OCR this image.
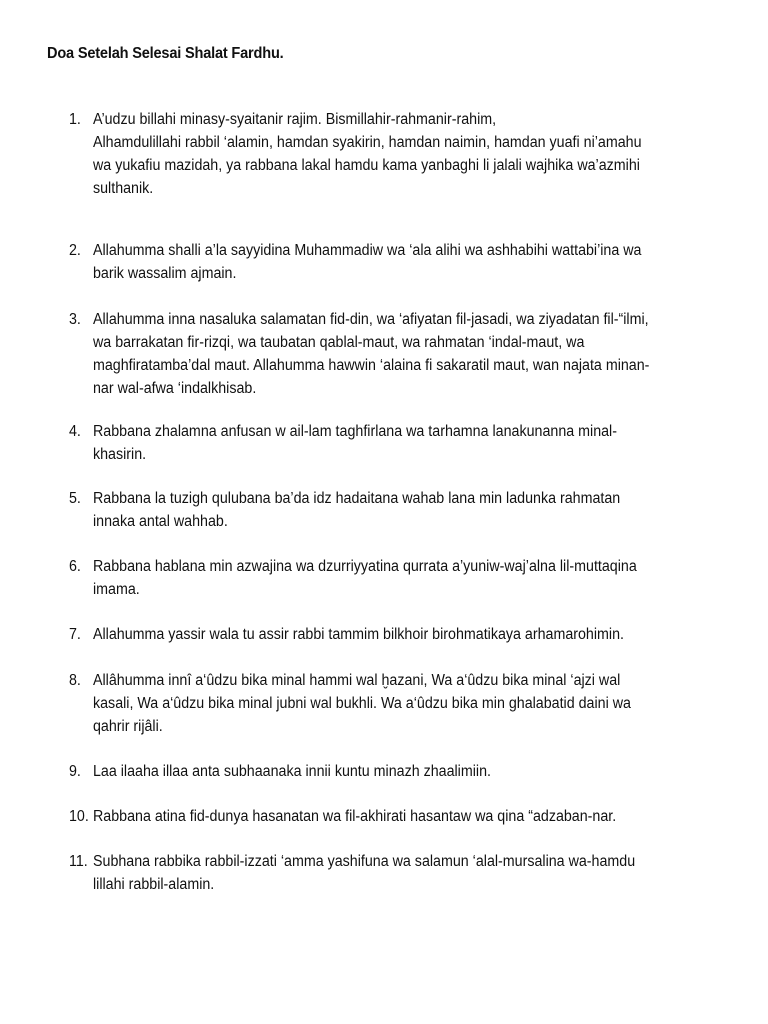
Doa Setelah Selesai Shalat Fardhu.
1. A’udzu billahi minasy-syaitanir rajim. Bismillahir-rahmanir-rahim,
Alhamdulillahi rabbil ‘alamin, hamdan syakirin, hamdan naimin, hamdan yuafi ni’amahu
wa yukafiu mazidah, ya rabbana lakal hamdu kama yanbaghi li jalali wajhika wa’azmihi
sulthanik.
2. Allahumma shalli a’la sayyidina Muhammadiw wa ‘ala alihi wa ashhabihi wattabi’ina wa
barik wassalim ajmain.
3. Allahumma inna nasaluka salamatan fid-din, wa ‘afiyatan fil-jasadi, wa ziyadatan fil-“ilmi,
wa barrakatan fir-rizqi, wa taubatan qablal-maut, wa rahmatan ‘indal-maut, wa
maghfiratamba’dal maut. Allahumma hawwin ‘alaina fi sakaratil maut, wan najata minan-
nar wal-afwa ‘indalkhisab.
4. Rabbana zhalamna anfusan w ail-lam taghfirlana wa tarhamna lanakunanna minal-
khasirin.
5. Rabbana la tuzigh qulubana ba’da idz hadaitana wahab lana min ladunka rahmatan
innaka antal wahhab.
6. Rabbana hablana min azwajina wa dzurriyyatina qurrata a’yuniw-waj’alna lil-muttaqina
imama.
7. Allahumma yassir wala tu assir rabbi tammim bilkhoir birohmatikaya arhamarohimin.
8. Allâhumma innî a‘ûdzu bika minal hammi wal ḫazani, Wa a‘ûdzu bika minal ‘ajzi wal
kasali, Wa a‘ûdzu bika minal jubni wal bukhli. Wa a‘ûdzu bika min ghalabatid daini wa
qahrir rijâli.
9. Laa ilaaha illaa anta subhaanaka innii kuntu minazh zhaalimiin.
10. Rabbana atina fid-dunya hasanatan wa fil-akhirati hasantaw wa qina “adzaban-nar.
11. Subhana rabbika rabbil-izzati ‘amma yashifuna wa salamun ‘alal-mursalina wa-hamdu
lillahi rabbil-alamin.
